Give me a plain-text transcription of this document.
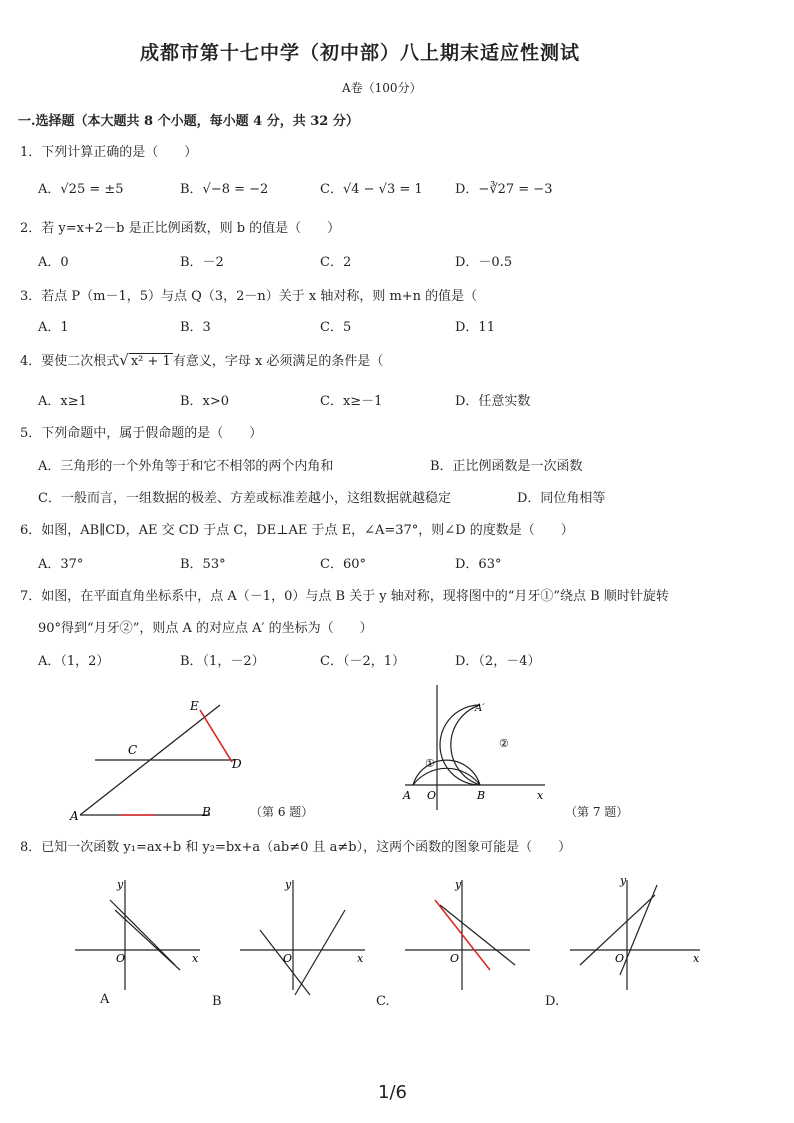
成都市第十七中学（初中部）八上期末适应性测试
A卷（100分）
一.选择题（本大题共 8 个小题，每小题 4 分，共 32 分）
1．下列计算正确的是（　　）
A．√25 = ±5	B．√−8 = −2	C．√4 − √3 = 1 D．−∛27 = −3
2．若 y=x+2－b 是正比例函数，则 b 的值是（　　）
A．0	B．－2	C．2	D．－0.5
3．若点 P（m－1，5）与点 Q（3，2－n）关于 x 轴对称，则 m+n 的值是（
A．1	B．3	C．5	D．11
4．要使二次根式√ x² + 1 有意义，字母 x 必须满足的条件是（
A．x≥1	B．x>0	C．x≥－1	D．任意实数
5．下列命题中，属于假命题的是（　　）
A．三角形的一个外角等于和它不相邻的两个内角和	B．正比例函数是一次函数
C．一般而言，一组数据的极差、方差或标准差越小，这组数据就越稳定	D．同位角相等
6．如图，AB∥CD，AE 交 CD 于点 C，DE⊥AE 于点 E，∠A=37°，则∠D 的度数是（　　）
A．37°	B．53°	C．60°	D．63°
7．如图，在平面直角坐标系中，点 A（－1，0）与点 B 关于 y 轴对称，现将图中的“月牙①”绕点 B 顺时针旋转
90°得到“月牙②”，则点 A 的对应点 A′ 的坐标为（　　）
A．（1，2）	B．（1，－2）	C．（－2，1）	D．（2，－4）
E
C
D
A	B	（第 6 题）
①
②
A′
A O	B	x
（第 7 题）
8．已知一次函数 y₁=ax+b 和 y₂=bx+a（ab≠0 且 a≠b），这两个函数的图象可能是（　　）
O	x
y
A
O	x
y
B
O
y
C.
O	x
y
D.
1/6
